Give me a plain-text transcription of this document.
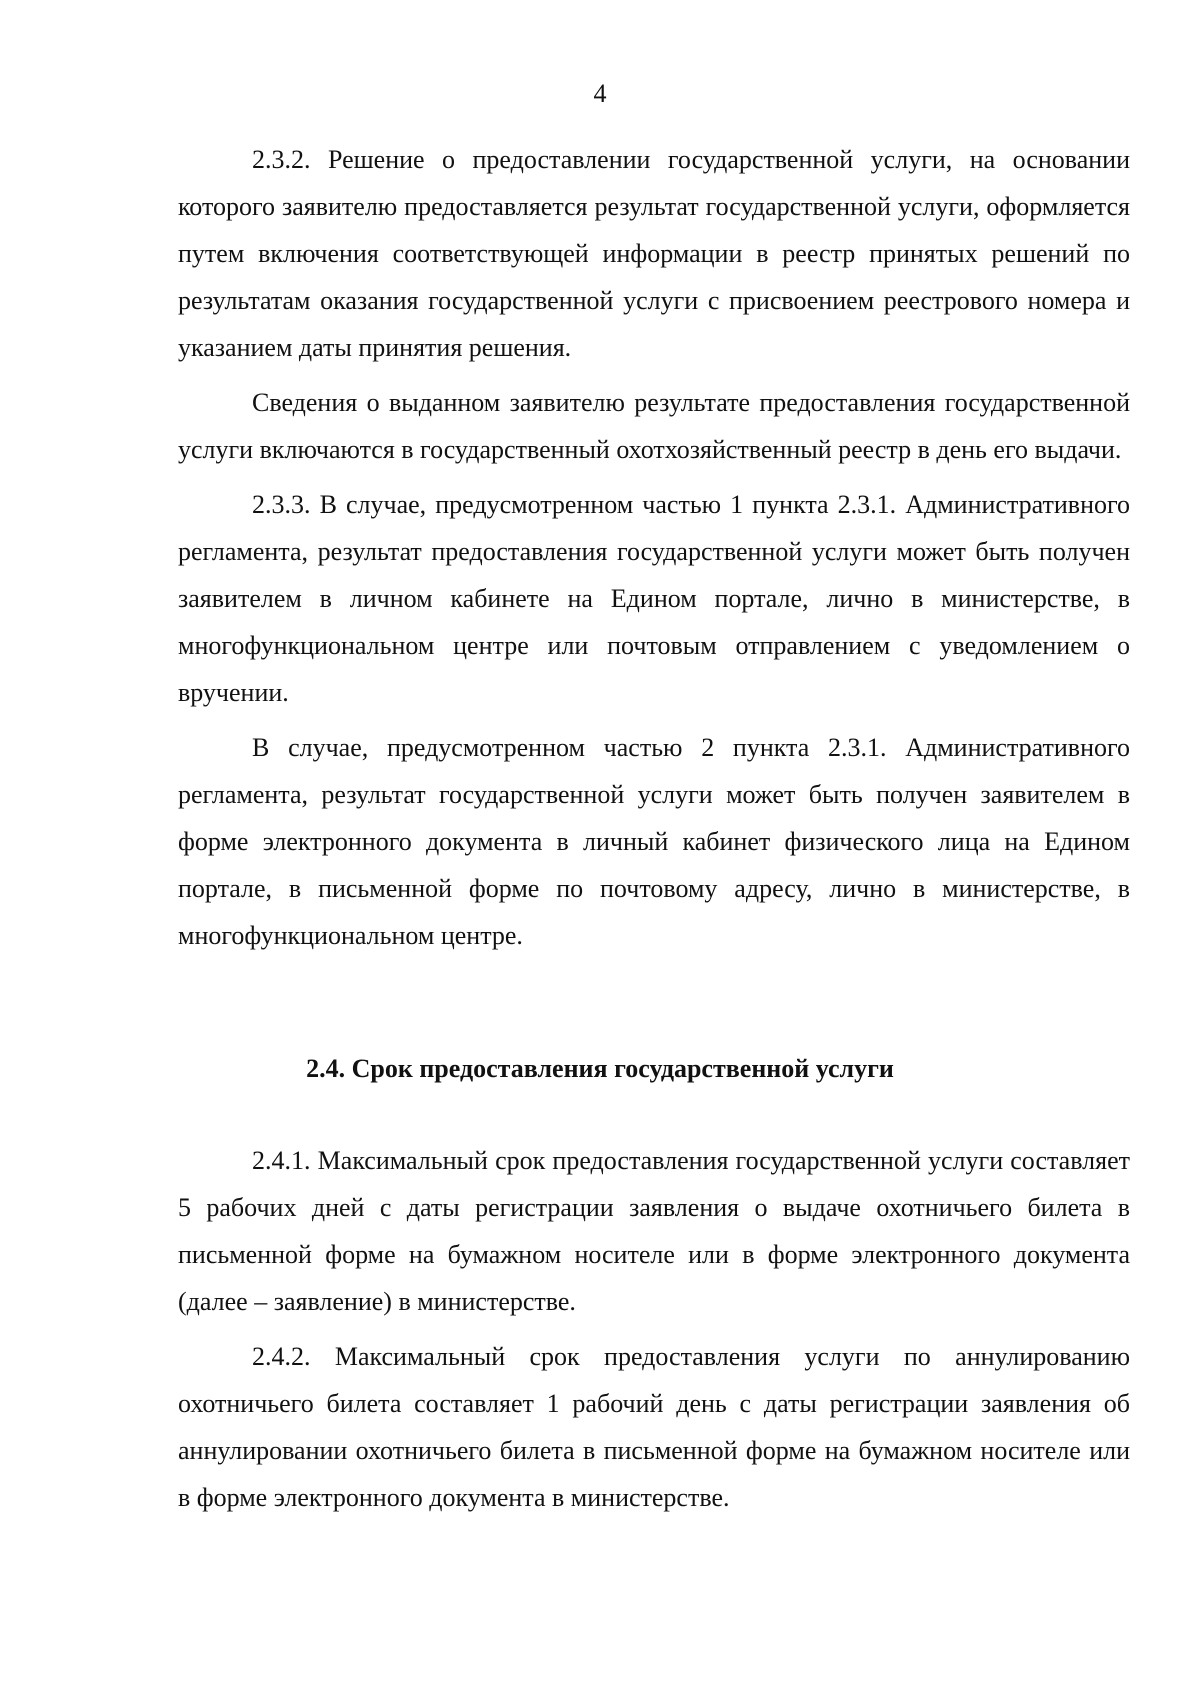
4

2.3.2. Решение о предоставлении государственной услуги, на основании которого заявителю предоставляется результат государственной услуги, оформляется путем включения соответствующей информации в реестр принятых решений по результатам оказания государственной услуги с присвоением реестрового номера и указанием даты принятия решения.

Сведения о выданном заявителю результате предоставления государственной услуги включаются в государственный охотхозяйственный реестр в день его выдачи.

2.3.3. В случае, предусмотренном частью 1 пункта 2.3.1. Административного регламента, результат предоставления государственной услуги может быть получен заявителем в личном кабинете на Едином портале, лично в министерстве, в многофункциональном центре или почтовым отправлением с уведомлением о вручении.

В случае, предусмотренном частью 2 пункта 2.3.1. Административного регламента, результат государственной услуги может быть получен заявителем в форме электронного документа в личный кабинет физического лица на Едином портале, в письменной форме по почтовому адресу, лично в министерстве, в многофункциональном центре.

2.4. Срок предоставления государственной услуги

2.4.1. Максимальный срок предоставления государственной услуги составляет 5 рабочих дней с даты регистрации заявления о выдаче охотничьего билета в письменной форме на бумажном носителе или в форме электронного документа (далее – заявление) в министерстве.

2.4.2. Максимальный срок предоставления услуги по аннулированию охотничьего билета составляет 1 рабочий день с даты регистрации заявления об аннулировании охотничьего билета в письменной форме на бумажном носителе или в форме электронного документа в министерстве.
